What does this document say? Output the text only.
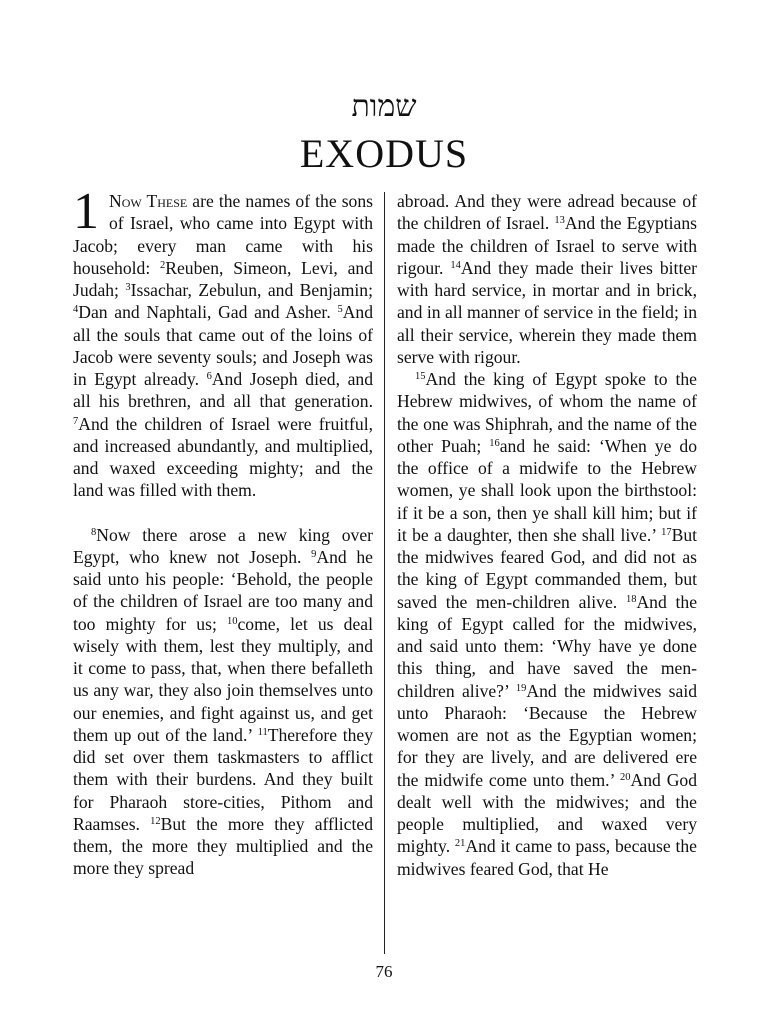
שמות
EXODUS

1 Now These are the names of the sons of Israel, who came into Egypt with Jacob; every man came with his household: $^2$Reuben, Simeon, Levi, and Judah; $^3$Issachar, Zebulun, and Benjamin; $^4$Dan and Naphtali, Gad and Asher. $^5$And all the souls that came out of the loins of Jacob were seventy souls; and Joseph was in Egypt already. $^6$And Joseph died, and all his brethren, and all that generation. $^7$And the children of Israel were fruitful, and increased abundantly, and multiplied, and waxed exceeding mighty; and the land was filled with them.

$^8$Now there arose a new king over Egypt, who knew not Joseph. $^9$And he said unto his people: ‘Behold, the people of the children of Israel are too many and too mighty for us; $^{10}$come, let us deal wisely with them, lest they multiply, and it come to pass, that, when there befalleth us any war, they also join themselves unto our enemies, and fight against us, and get them up out of the land.’ $^{11}$Therefore they did set over them taskmasters to afflict them with their burdens. And they built for Pharaoh store-cities, Pithom and Raamses. $^{12}$But the more they afflicted them, the more they multiplied and the more they spread

abroad. And they were adread because of the children of Israel. $^{13}$And the Egyptians made the children of Israel to serve with rigour. $^{14}$And they made their lives bitter with hard service, in mortar and in brick, and in all manner of service in the field; in all their service, wherein they made them serve with rigour.

$^{15}$And the king of Egypt spoke to the Hebrew midwives, of whom the name of the one was Shiphrah, and the name of the other Puah; $^{16}$and he said: ‘When ye do the office of a midwife to the Hebrew women, ye shall look upon the birthstool: if it be a son, then ye shall kill him; but if it be a daughter, then she shall live.’ $^{17}$But the midwives feared God, and did not as the king of Egypt commanded them, but saved the men-children alive. $^{18}$And the king of Egypt called for the midwives, and said unto them: ‘Why have ye done this thing, and have saved the men-children alive?’ $^{19}$And the midwives said unto Pharaoh: ‘Because the Hebrew women are not as the Egyptian women; for they are lively, and are delivered ere the midwife come unto them.’ $^{20}$And God dealt well with the midwives; and the people multiplied, and waxed very mighty. $^{21}$And it came to pass, because the midwives feared God, that He

76
